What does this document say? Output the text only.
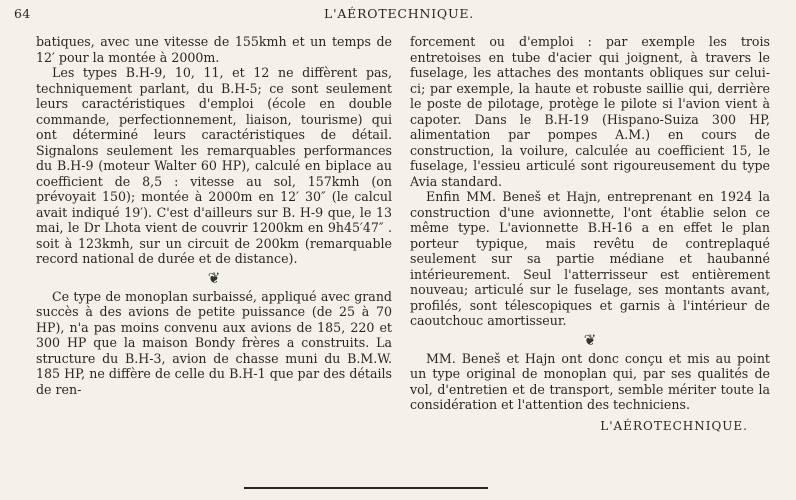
64	L'AÉROTECHNIQUE.

batiques, avec une vitesse de 155kmh et un temps de 12′ pour la montée à 2000m.

Les types B.H-9, 10, 11, et 12 ne diffèrent pas, techniquement parlant, du B.H-5; ce sont seulement leurs caractéristiques d'emploi (école en double commande, perfectionnement, liaison, tourisme) qui ont déterminé leurs caractéristiques de détail. Signalons seulement les remarquables performances du B.H-9 (moteur Walter 60 HP), calculé en biplace au coefficient de 8,5 : vitesse au sol, 157kmh (on prévoyait 150); montée à 2000m en 12′ 30″ (le calcul avait indiqué 19′). C'est d'ailleurs sur B. H-9 que, le 13 mai, le Dr Lhota vient de couvrir 1200km en 9h45′47″ . soit à 123kmh, sur un circuit de 200km (remarquable record national de durée et de distance).

❦

Ce type de monoplan surbaissé, appliqué avec grand succès à des avions de petite puissance (de 25 à 70 HP), n'a pas moins convenu aux avions de 185, 220 et 300 HP que la maison Bondy frères a construits. La structure du B.H-3, avion de chasse muni du B.M.W. 185 HP, ne diffère de celle du B.H-1 que par des détails de ren-

forcement ou d'emploi : par exemple les trois entretoises en tube d'acier qui joignent, à travers le fuselage, les attaches des montants obliques sur celui-ci; par exemple, la haute et robuste saillie qui, derrière le poste de pilotage, protège le pilote si l'avion vient à capoter. Dans le B.H-19 (Hispano-Suiza 300 HP, alimentation par pompes A.M.) en cours de construction, la voilure, calculée au coefficient 15, le fuselage, l'essieu articulé sont rigoureusement du type Avia standard.

Enfin MM. Beneš et Hajn, entreprenant en 1924 la construction d'une avionnette, l'ont établie selon ce même type. L'avionnette B.H-16 a en effet le plan porteur typique, mais revêtu de contreplaqué seulement sur sa partie médiane et haubanné intérieurement. Seul l'atterrisseur est entièrement nouveau; articulé sur le fuselage, ses montants avant, profilés, sont télescopiques et garnis à l'intérieur de caoutchouc amortisseur.

❦

MM. Beneš et Hajn ont donc conçu et mis au point un type original de monoplan qui, par ses qualités de vol, d'entretien et de transport, semble mériter toute la considération et l'attention des techniciens.

L'AÉROTECHNIQUE.
